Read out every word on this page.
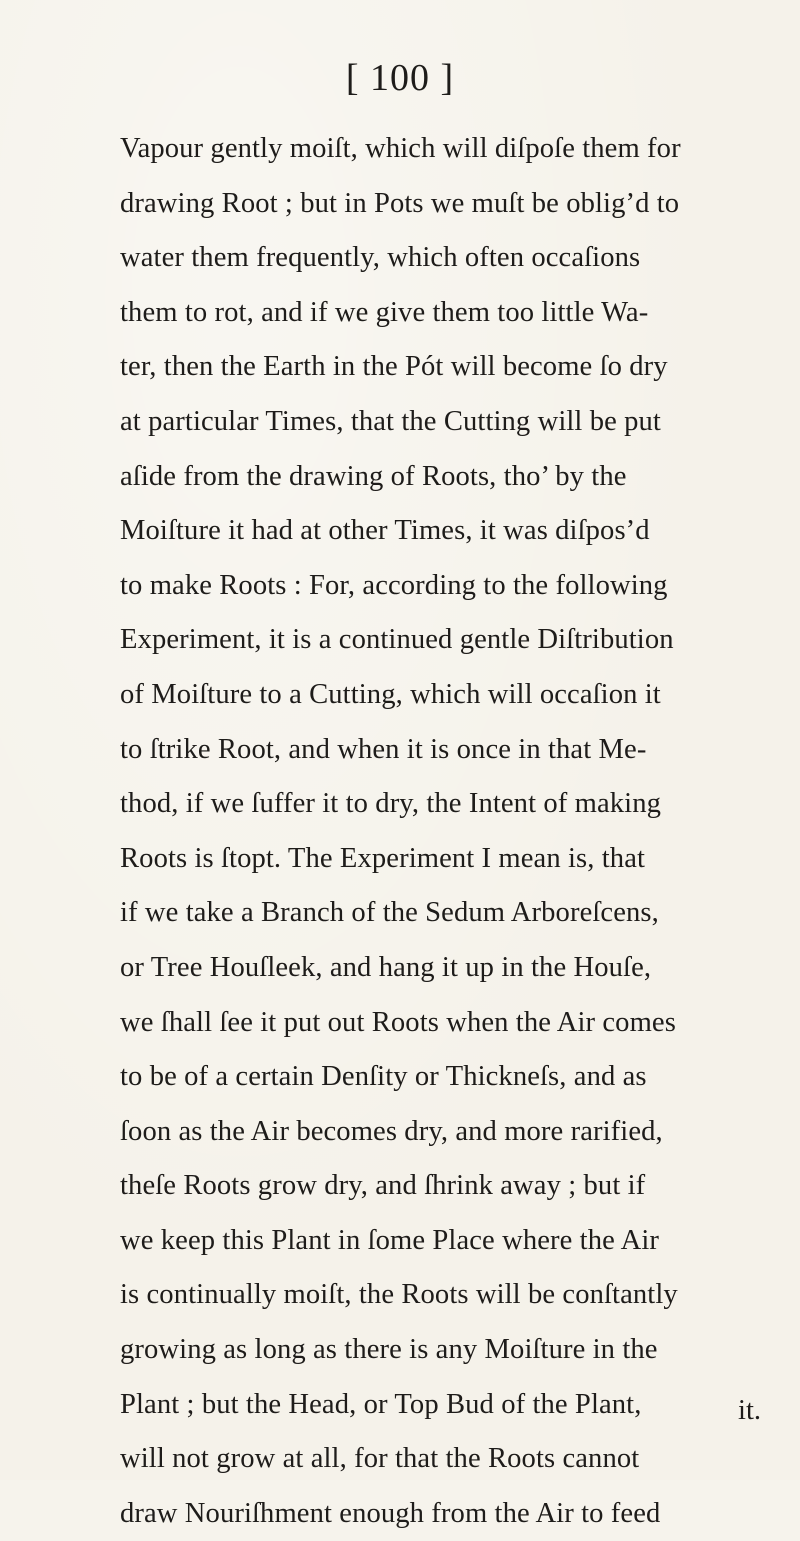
[ 100 ]
Vapour gently moiſt, which will diſpoſe them for
drawing Root ; but in Pots we muſt be oblig’d to
water them frequently, which often occaſions
them to rot, and if we give them too little Wa-
ter, then the Earth in the Pót will become ſo dry
at particular Times, that the Cutting will be put
aſide from the drawing of Roots, tho’ by the
Moiſture it had at other Times, it was diſpos’d
to make Roots : For, according to the following
Experiment, it is a continued gentle Diſtribution
of Moiſture to a Cutting, which will occaſion it
to ſtrike Root, and when it is once in that Me-
thod, if we ſuffer it to dry, the Intent of making
Roots is ſtopt. The Experiment I mean is, that
if we take a Branch of the Sedum Arboreſcens,
or Tree Houſleek, and hang it up in the Houſe,
we ſhall ſee it put out Roots when the Air comes
to be of a certain Denſity or Thickneſs, and as
ſoon as the Air becomes dry, and more rarified,
theſe Roots grow dry, and ſhrink away ; but if
we keep this Plant in ſome Place where the Air
is continually moiſt, the Roots will be conſtantly
growing as long as there is any Moiſture in the
Plant ; but the Head, or Top Bud of the Plant,
will not grow at all, for that the Roots cannot
draw Nouriſhment enough from the Air to feed
it.
